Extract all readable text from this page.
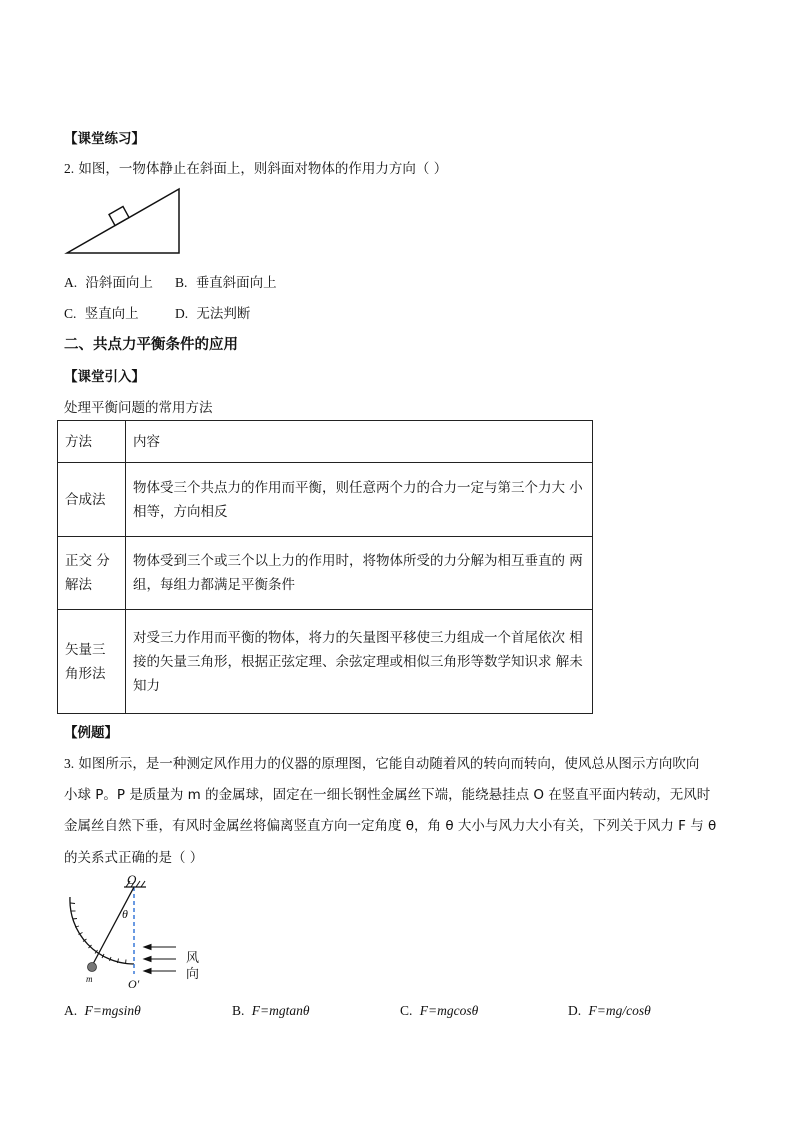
【课堂练习】
2. 如图，一物体静止在斜面上，则斜面对物体的作用力方向（ ）
A. 沿斜面向上 B. 垂直斜面向上
C. 竖直向上	D. 无法判断
二、共点力平衡条件的应用
【课堂引入】
处理平衡问题的常用方法
方法	内容
合成法	物体受三个共点力的作用而平衡，则任意两个力的合力一定与第三个力大 小相等，方向相反
正交 分解法	物体受到三个或三个以上力的作用时，将物体所受的力分解为相互垂直的 两组，每组力都满足平衡条件
矢量三 角形法	对受三力作用而平衡的物体，将力的矢量图平移使三力组成一个首尾依次 相接的矢量三角形，根据正弦定理、余弦定理或相似三角形等数学知识求 解未知力
【例题】
3. 如图所示，是一种测定风作用力的仪器的原理图，它能自动随着风的转向而转向，使风总从图示方向吹向
小球 P。P 是质量为 m 的金属球，固定在一细长钢性金属丝下端，能绕悬挂点 O 在竖直平面内转动，无风时
金属丝自然下垂，有风时金属丝将偏离竖直方向一定角度 θ，角 θ 大小与风力大小有关，下列关于风力 F 与 θ
的关系式正确的是（ ）
O
θ
m	O′
风
向
A. F=mgsinθ	B. F=mgtanθ	C. F=mgcosθ	D. F=mg/cosθ
